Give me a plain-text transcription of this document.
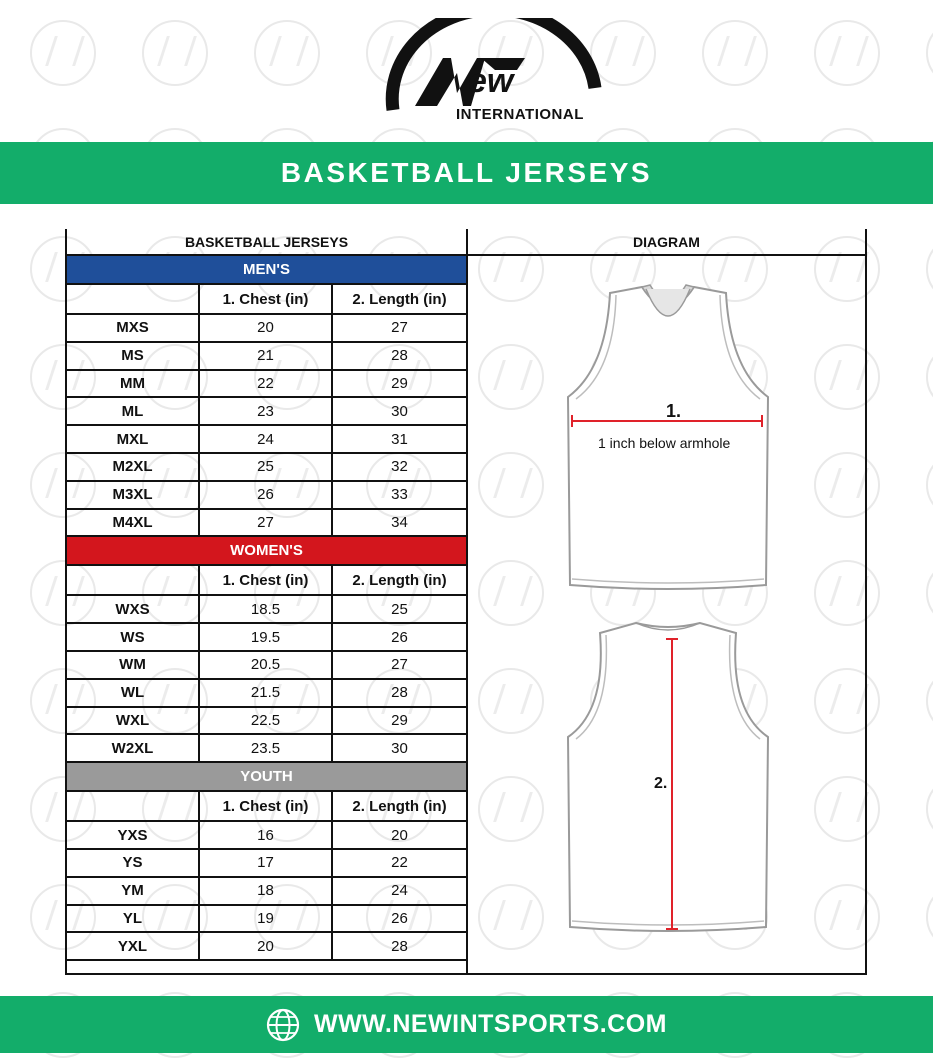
ew
INTERNATIONAL
BASKETBALL JERSEYS
BASKETBALL JERSEYS
MEN'S
1. Chest (in)	2. Length (in)
MXS	20	27
MS	21	28
MM	22	29
ML	23	30
MXL	24	31
M2XL	25	32
M3XL	26	33
M4XL	27	34
WOMEN'S
1. Chest (in)	2. Length (in)
WXS	18.5	25
WS	19.5	26
WM	20.5	27
WL	21.5	28
WXL	22.5	29
W2XL	23.5	30
YOUTH
1. Chest (in)	2. Length (in)
YXS	16	20
YS	17	22
YM	18	24
YL	19	26
YXL	20	28
DIAGRAM
1.
1 inch below armhole
2.
WWW.NEWINTSPORTS.COM
